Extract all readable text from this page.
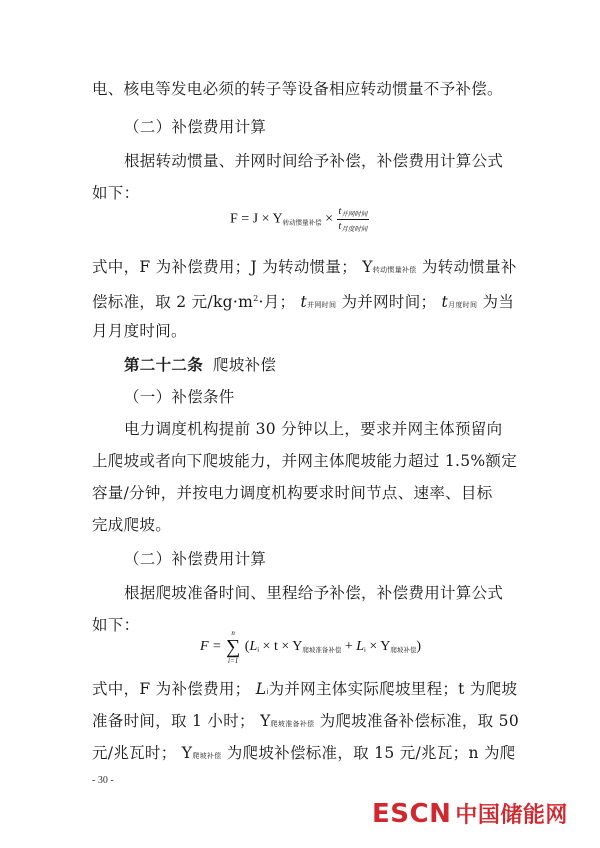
电、核电等发电必须的转子等设备相应转动惯量不予补偿。
（二）补偿费用计算
根据转动惯量、并网时间给予补偿，补偿费用计算公式
如下：
$F = J \times Y_{转动惯量补偿} \times \frac{t_{并网时间}}{t_{月度时间}}$
式中，F 为补偿费用；J 为转动惯量； Y转动惯量补偿 为转动惯量补
偿标准，取 2 元$/kg\cdot m^2\cdot$月； t并网时间 为并网时间； t月度时间 为当
月月度时间。
第二十二条 爬坡补偿
（一）补偿条件
电力调度机构提前 30 分钟以上，要求并网主体预留向
上爬坡或者向下爬坡能力，并网主体爬坡能力超过 1.5%额定
容量/分钟，并按电力调度机构要求时间节点、速率、目标
完成爬坡。
（二）补偿费用计算
根据爬坡准备时间、里程给予补偿，补偿费用计算公式
如下：
F =
n
∑
i=1
$(L_i \times t \times Y_{爬坡准备补偿} + L_i \times Y_{爬坡补偿})$
式中，F 为补偿费用； Li为并网主体实际爬坡里程；t 为爬坡
准备时间，取 1 小时； Y爬坡准备补偿 为爬坡准备补偿标准，取 50
元/兆瓦时； Y爬坡补偿 为爬坡补偿标准，取 15 元/兆瓦；n 为爬
- 30 -
ESCN 中国储能网
